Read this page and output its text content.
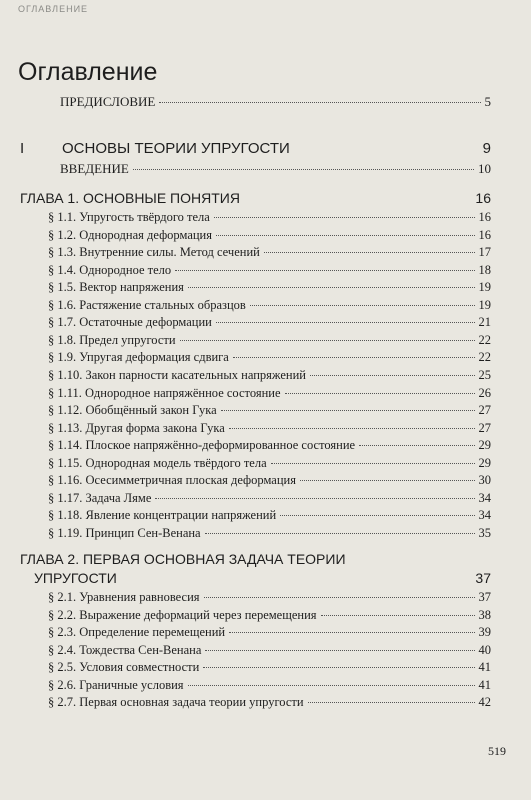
ОГЛАВЛЕНИЕ
Оглавление
ПРЕДИСЛОВИЕ	5
I	ОСНОВЫ ТЕОРИИ УПРУГОСТИ	9
ВВЕДЕНИЕ	10
ГЛАВА 1. ОСНОВНЫЕ ПОНЯТИЯ	16
§ 1.1. Упругость твёрдого тела	16
§ 1.2. Однородная деформация	16
§ 1.3. Внутренние силы. Метод сечений	17
§ 1.4. Однородное тело	18
§ 1.5. Вектор напряжения	19
§ 1.6. Растяжение стальных образцов	19
§ 1.7. Остаточные деформации	21
§ 1.8. Предел упругости	22
§ 1.9. Упругая деформация сдвига	22
§ 1.10. Закон парности касательных напряжений	25
§ 1.11. Однородное напряжённое состояние	26
§ 1.12. Обобщённый закон Гука	27
§ 1.13. Другая форма закона Гука	27
§ 1.14. Плоское напряжённо-деформированное состояние	29
§ 1.15. Однородная модель твёрдого тела	29
§ 1.16. Осесимметричная плоская деформация	30
§ 1.17. Задача Ляме	34
§ 1.18. Явление концентрации напряжений	34
§ 1.19. Принцип Сен-Венана	35
ГЛАВА 2. ПЕРВАЯ ОСНОВНАЯ ЗАДАЧА ТЕОРИИ
УПРУГОСТИ	37
§ 2.1. Уравнения равновесия	37
§ 2.2. Выражение деформаций через перемещения	38
§ 2.3. Определение перемещений	39
§ 2.4. Тождества Сен-Венана	40
§ 2.5. Условия совместности	41
§ 2.6. Граничные условия	41
§ 2.7. Первая основная задача теории упругости	42
519
